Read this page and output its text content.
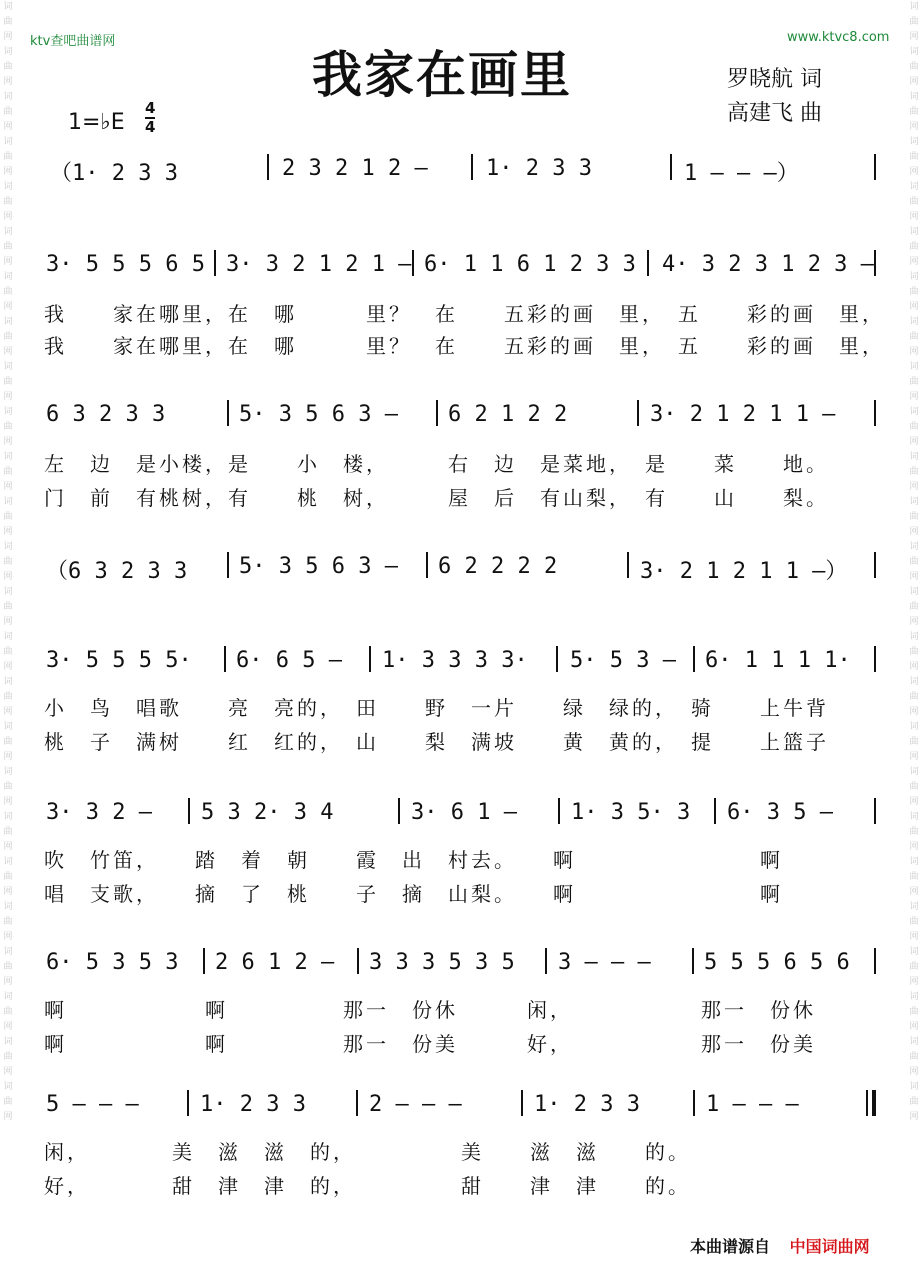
词曲网词曲网词曲网词曲网词曲网词曲网词曲网词曲网词曲网词曲网词曲网词曲网词曲网词曲网词曲网词曲网词曲网词曲网词曲网词曲网词曲网词曲网词曲网词曲网词曲网
词曲网词曲网词曲网词曲网词曲网词曲网词曲网词曲网词曲网词曲网词曲网词曲网词曲网词曲网词曲网词曲网词曲网词曲网词曲网词曲网词曲网词曲网词曲网词曲网词曲网
ktv查吧曲谱网	www.ktvc8.com
我家在画里	罗晓航 词
高建飞 曲
1=♭E $\frac{4}{4}$
（1· 2 3 3	2 3 2 1 2 –	1· 2 3 3	1 – – –）
3· 5 5 5 6 5 3· 3 2 1 2 1 – 6· 1 1 6 1 2 3 3 4· 3 2 3 1 2 3 –
我　　家在哪里，在　哪　　　里？　在　　五彩的画　里，　五　　彩的画　里，
我　　家在哪里，在　哪　　　里？　在　　五彩的画　里，　五　　彩的画　里，
6 3 2 3 3	5· 3 5 6 3 – 6 2 1 2 2	3· 2 1 2 1 1 –
左　边　是小楼，是　　小　楼，　　　右　边　是菜地，　是　　菜　　地。
门　前　有桃树，有　　桃　树，　　　屋　后　有山梨，　有　　山　　梨。
（6 3 2 3 3 5· 3 5 6 3 – 6 2 2 2 2	3· 2 1 2 1 1 –）
3· 5 5 5 5· 6· 6 5 – 1· 3 3 3 3· 5· 5 3 – 6· 1 1 1 1·
小　鸟　唱歌　　亮　亮的，　田　　野　一片　　绿　绿的，　骑　　上牛背
桃　子　满树　　红　红的，　山　　梨　满坡　　黄　黄的，　提　　上篮子
3· 3 2 – 5 3 2· 3 4	3· 6 1 – 1· 3 5· 3 6· 3 5 –
吹　竹笛，　　踏　着　朝　　霞　出　村去。　　啊　　　　　　　　啊
唱　支歌，　　摘　了　桃　　子　摘　山梨。　　啊　　　　　　　　啊
6· 5 3 5 3 2 6 1 2 – 3 3 3 5 3 5 3 – – – 5 5 5 6 5 6
啊　　　　　　啊　　　　　那一　份休　　　闲，　　　　　　那一　份休
啊　　　　　　啊　　　　　那一　份美　　　好，　　　　　　那一　份美
5 – – –	1· 2 3 3	2 – – –	1· 2 3 3	1 – – –
闲，　　　　美　滋　滋　的，　　　　　美　　滋　滋　　的。
好，　　　　甜　津　津　的，　　　　　甜　　津　津　　的。
本曲谱源自 中国词曲网
